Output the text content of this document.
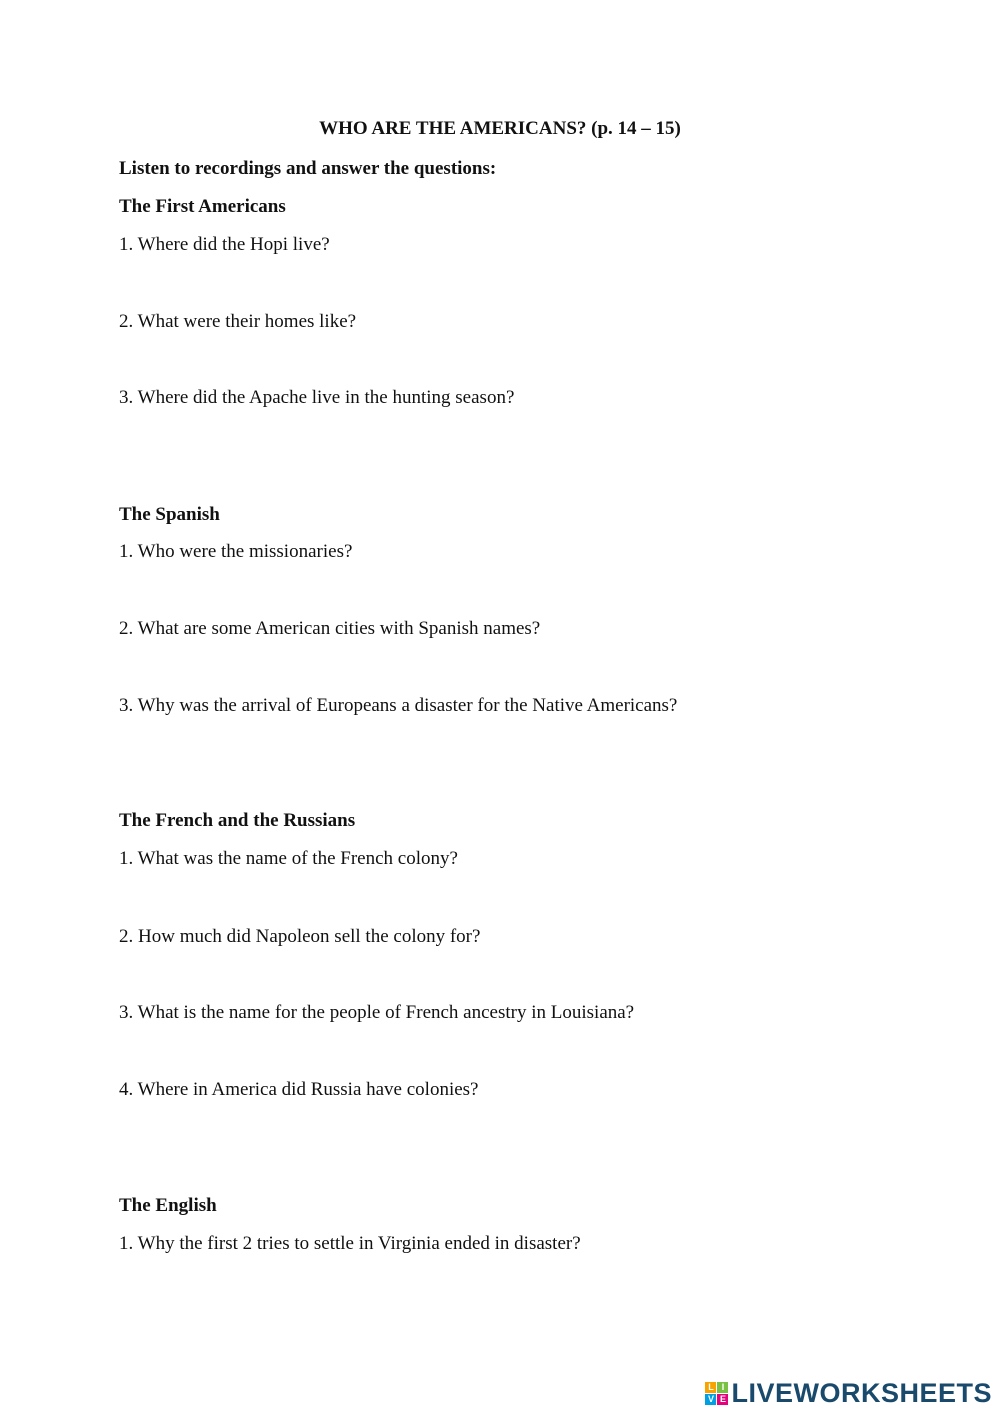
WHO ARE THE AMERICANS? (p. 14 – 15)

Listen to recordings and answer the questions:

The First Americans

1. Where did the Hopi live?

2. What were their homes like?

3. Where did the Apache live in the hunting season?

The Spanish

1. Who were the missionaries?

2. What are some American cities with Spanish names?

3. Why was the arrival of Europeans a disaster for the Native Americans?

The French and the Russians

1. What was the name of the French colony?

2. How much did Napoleon sell the colony for?

3. What is the name for the people of French ancestry in Louisiana?

4. Where in America did Russia have colonies?

The English

1. Why the first 2 tries to settle in Virginia ended in disaster?

L I
V E LIVEWORKSHEETS
